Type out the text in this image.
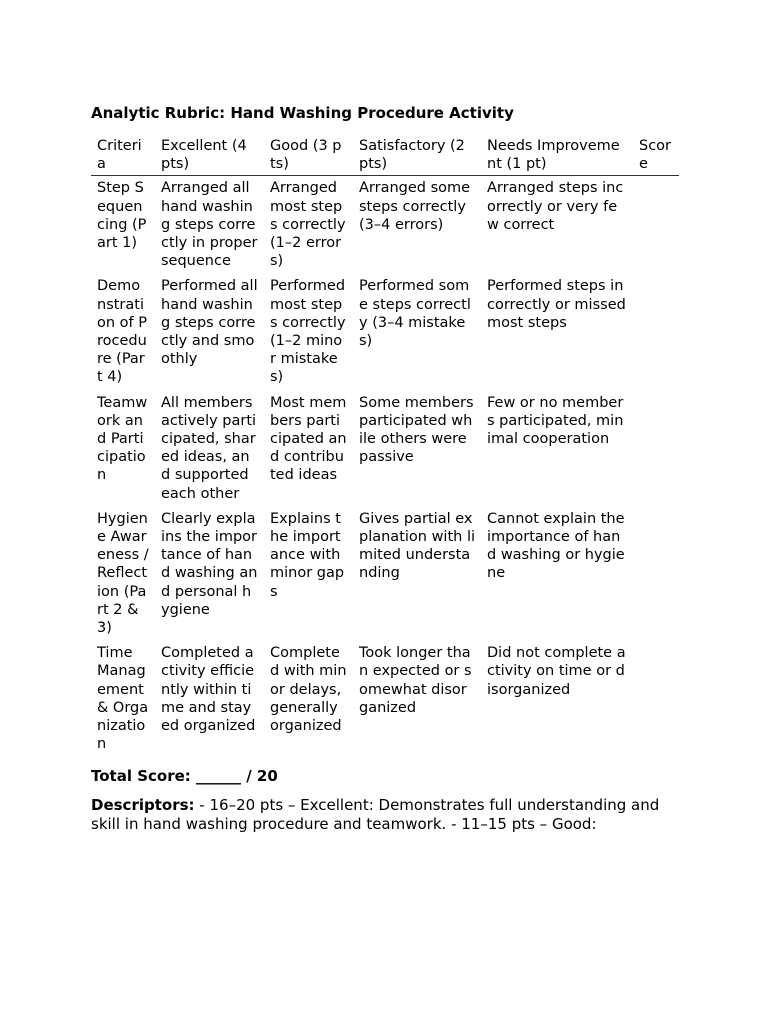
Analytic Rubric: Hand Washing Procedure Activity
Criteria	Excellent (4 pts)	Good (3 pts)	Satisfactory (2 pts)	Needs Improvement (1 pt)	Score
Step Sequencing (Part 1)	Arranged all hand washing steps correctly in proper sequence	Arranged most steps correctly (1–2 errors)	Arranged some steps correctly (3–4 errors)	Arranged steps incorrectly or very few correct	
Demonstration of Procedure (Part 4)	Performed all hand washing steps correctly and smoothly	Performed most steps correctly (1–2 minor mistakes)	Performed some steps correctly (3–4 mistakes)	Performed steps incorrectly or missed most steps	
Teamwork and Participation	All members actively participated, shared ideas, and supported each other	Most members participated and contributed ideas	Some members participated while others were passive	Few or no members participated, minimal cooperation	
Hygiene Awareness / Reflection (Part 2 & 3)	Clearly explains the importance of hand washing and personal hygiene	Explains the importance with minor gaps	Gives partial explanation with limited understanding	Cannot explain the importance of hand washing or hygiene	
Time Management & Organization	Completed activity efficiently within time and stayed organized	Completed with minor delays, generally organized	Took longer than expected or somewhat disorganized	Did not complete activity on time or disorganized	

Total Score: ______ / 20

Descriptors: - 16–20 pts – Excellent: Demonstrates full understanding and skill in hand washing procedure and teamwork. - 11–15 pts – Good:
